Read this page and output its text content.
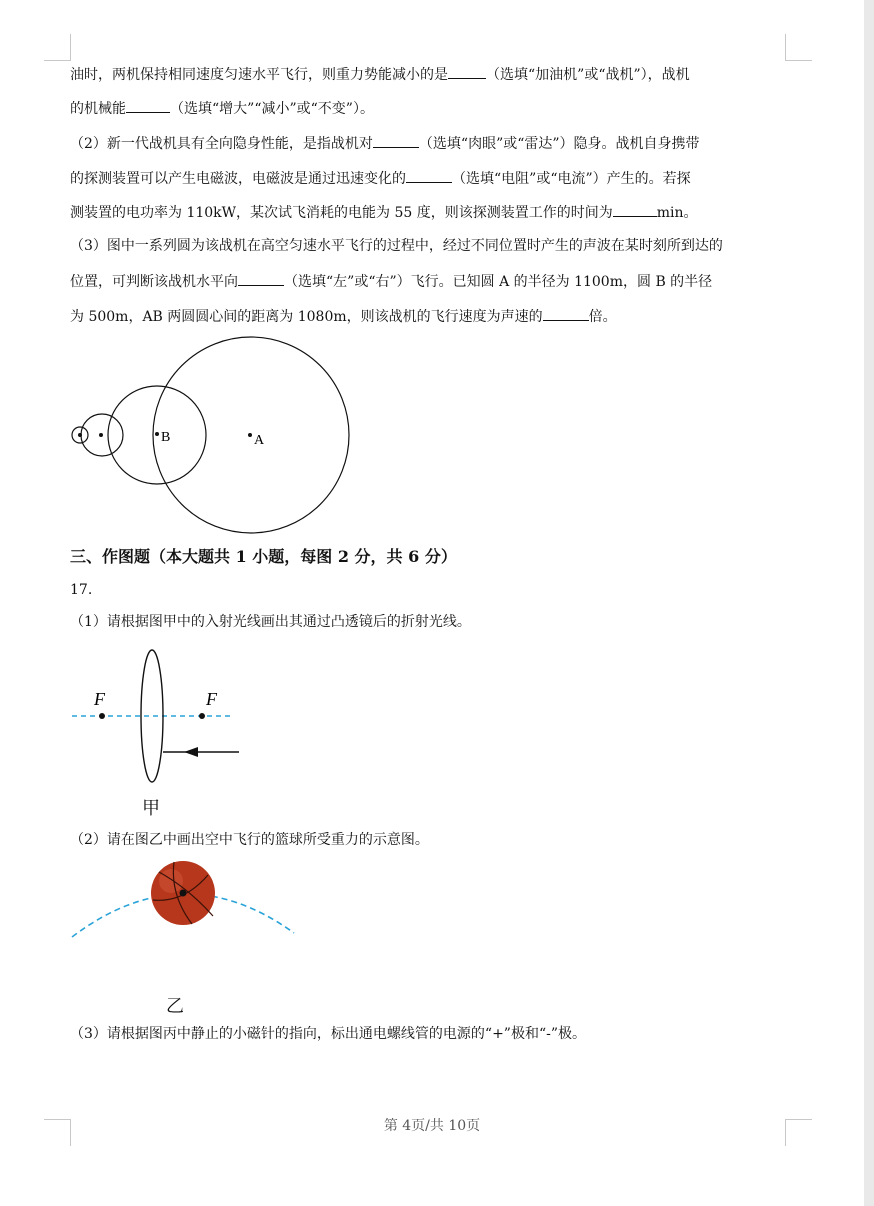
油时，两机保持相同速度匀速水平飞行，则重力势能减小的是	（选填“加油机”或“战机”），战机
的机械能	（选填“增大”“减小”或“不变”）。
（2）新一代战机具有全向隐身性能，是指战机对	（选填“肉眼”或“雷达”）隐身。战机自身携带
的探测装置可以产生电磁波，电磁波是通过迅速变化的	（选填“电阻”或“电流”）产生的。若探
测装置的电功率为 110kW，某次试飞消耗的电能为 55 度，则该探测装置工作的时间为	min。
（3）图中一系列圆为该战机在高空匀速水平飞行的过程中，经过不同位置时产生的声波在某时刻所到达的
位置，可判断该战机水平向	（选填“左”或“右”）飞行。已知圆 A 的半径为 1100m，圆 B 的半径
为 500m，AB 两圆圆心间的距离为 1080m，则该战机的飞行速度为声速的	倍。
A
B
三、作图题（本大题共 1 小题，每图 2 分，共 6 分）
17.
（1）请根据图甲中的入射光线画出其通过凸透镜后的折射光线。
F	F
甲
（2）请在图乙中画出空中飞行的篮球所受重力的示意图。
乙
（3）请根据图丙中静止的小磁针的指向，标出通电螺线管的电源的“+”极和“-”极。
第 4页/共 10页
